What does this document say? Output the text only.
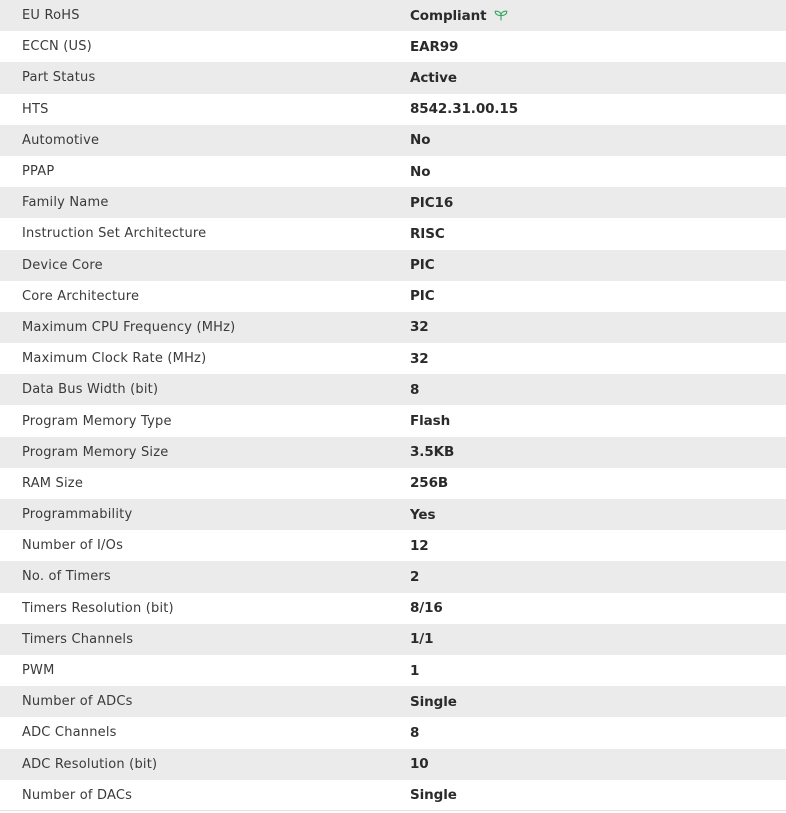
EU RoHS	Compliant
ECCN (US)	EAR99
Part Status	Active
HTS	8542.31.00.15
Automotive	No
PPAP	No
Family Name	PIC16
Instruction Set Architecture	RISC
Device Core	PIC
Core Architecture	PIC
Maximum CPU Frequency (MHz)	32
Maximum Clock Rate (MHz)	32
Data Bus Width (bit)	8
Program Memory Type	Flash
Program Memory Size	3.5KB
RAM Size	256B
Programmability	Yes
Number of I/Os	12
No. of Timers	2
Timers Resolution (bit)	8/16
Timers Channels	1/1
PWM	1
Number of ADCs	Single
ADC Channels	8
ADC Resolution (bit)	10
Number of DACs	Single
